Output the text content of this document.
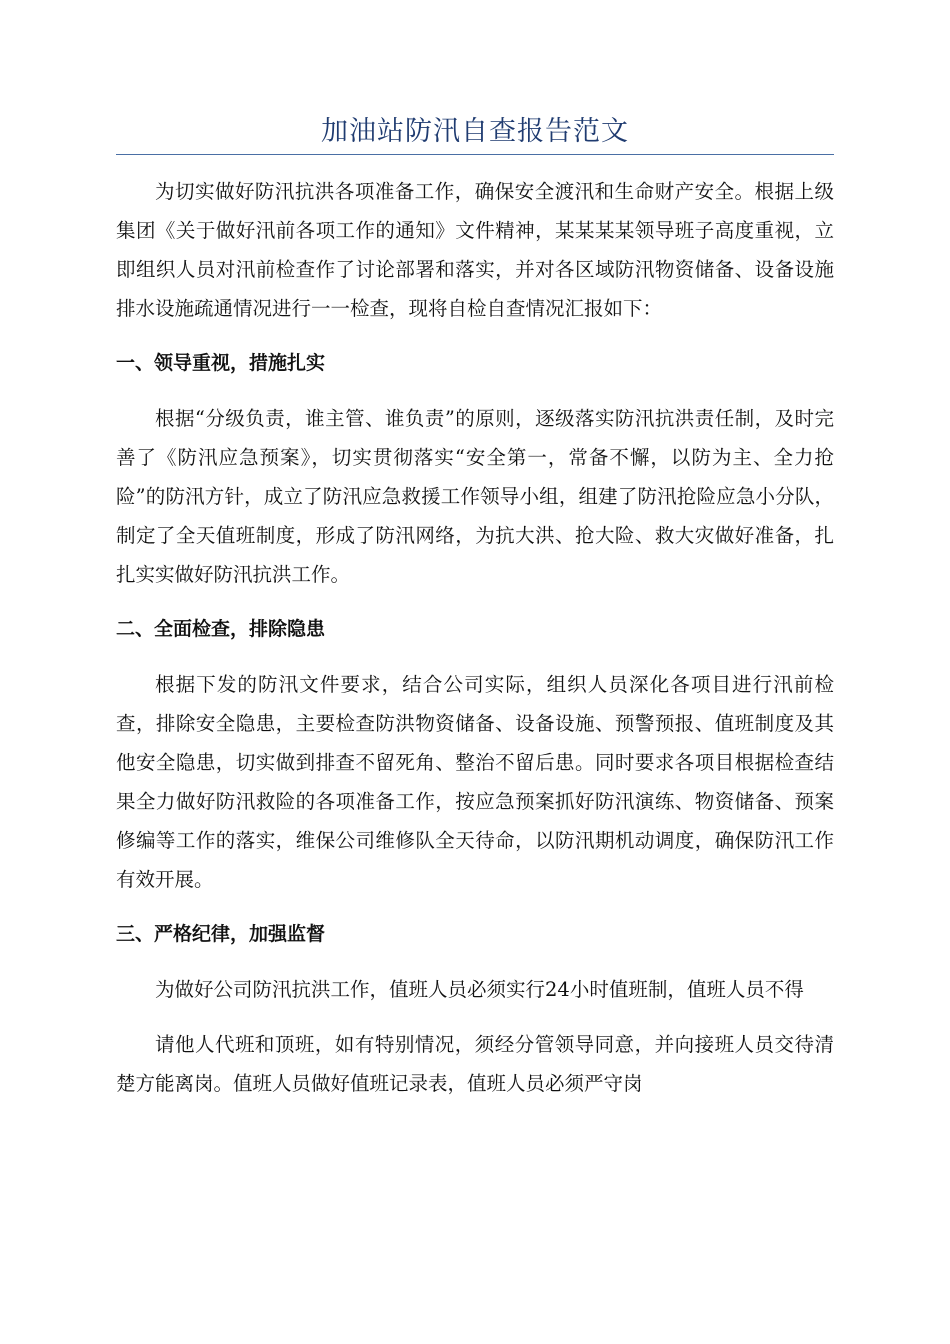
加油站防汛自查报告范文

为切实做好防汛抗洪各项准备工作，确保安全渡汛和生命财产安全。根据上级集团《关于做好汛前各项工作的通知》文件精神，某某某某领导班子高度重视，立即组织人员对汛前检查作了讨论部署和落实，并对各区域防汛物资储备、设备设施排水设施疏通情况进行一一检查，现将自检自查情况汇报如下：

一、领导重视，措施扎实

根据“分级负责，谁主管、谁负责”的原则，逐级落实防汛抗洪责任制，及时完善了《防汛应急预案》，切实贯彻落实“安全第一，常备不懈，以防为主、全力抢险”的防汛方针，成立了防汛应急救援工作领导小组，组建了防汛抢险应急小分队，制定了全天值班制度，形成了防汛网络，为抗大洪、抢大险、救大灾做好准备，扎扎实实做好防汛抗洪工作。

二、全面检查，排除隐患

根据下发的防汛文件要求，结合公司实际，组织人员深化各项目进行汛前检查，排除安全隐患，主要检查防洪物资储备、设备设施、预警预报、值班制度及其他安全隐患，切实做到排查不留死角、整治不留后患。同时要求各项目根据检查结果全力做好防汛救险的各项准备工作，按应急预案抓好防汛演练、物资储备、预案修编等工作的落实，维保公司维修队全天待命，以防汛期机动调度，确保防汛工作有效开展。

三、严格纪律，加强监督

为做好公司防汛抗洪工作，值班人员必须实行24小时值班制，值班人员不得

请他人代班和顶班，如有特别情况，须经分管领导同意，并向接班人员交待清楚方能离岗。值班人员做好值班记录表，值班人员必须严守岗
